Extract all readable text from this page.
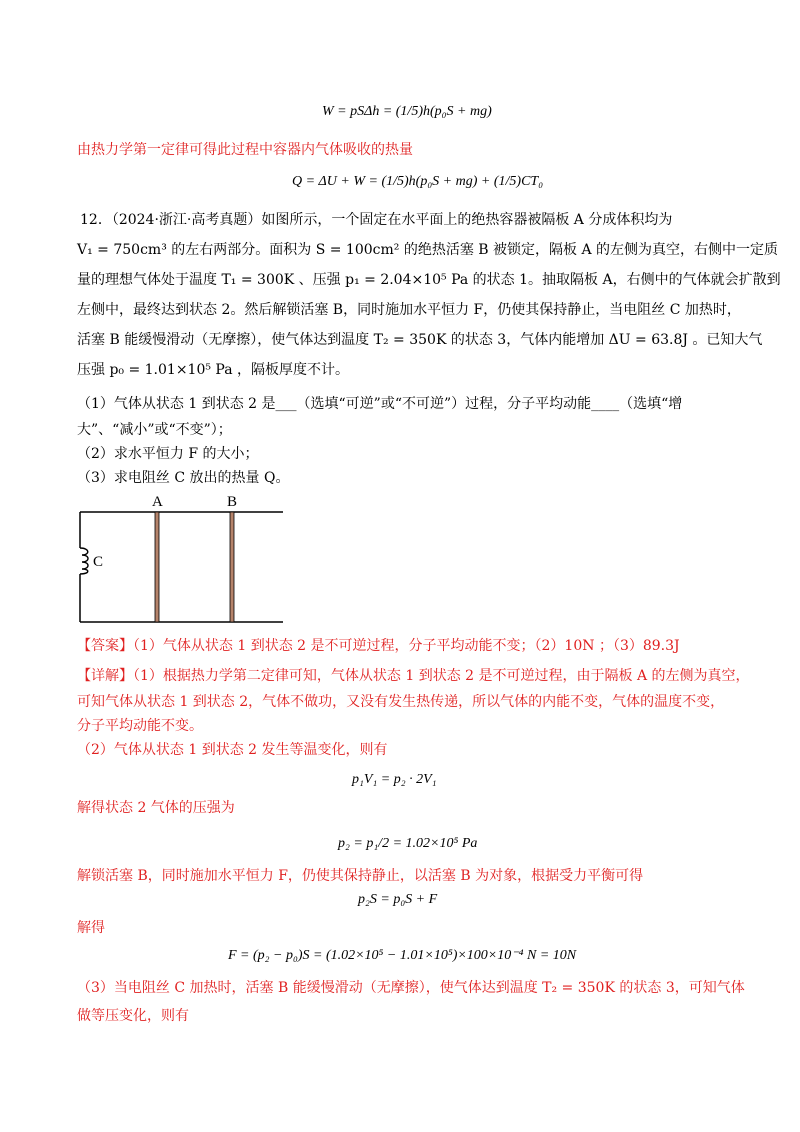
W = pSΔh = (1/5)h(p₀S + mg)
由热力学第一定律可得此过程中容器内气体吸收的热量
Q = ΔU + W = (1/5)h(p₀S + mg) + (1/5)CT₀
12．（2024·浙江·高考真题）如图所示，一个固定在水平面上的绝热容器被隔板 A 分成体积均为
V₁ = 750cm³ 的左右两部分。面积为 S = 100cm² 的绝热活塞 B 被锁定，隔板 A 的左侧为真空，右侧中一定质
量的理想气体处于温度 T₁ = 300K 、压强 p₁ = 2.04×10⁵ Pa 的状态 1。抽取隔板 A，右侧中的气体就会扩散到
左侧中，最终达到状态 2。然后解锁活塞 B，同时施加水平恒力 F，仍使其保持静止，当电阻丝 C 加热时，
活塞 B 能缓慢滑动（无摩擦），使气体达到温度 T₂ = 350K 的状态 3，气体内能增加 ΔU = 63.8J 。已知大气
压强 p₀ = 1.01×10⁵ Pa ，隔板厚度不计。
（1）气体从状态 1 到状态 2 是___（选填“可逆”或“不可逆”）过程，分子平均动能____（选填“增
大”、“减小”或“不变”）；
（2）求水平恒力 F 的大小；
（3）求电阻丝 C 放出的热量 Q。
C
A	B
【答案】（1）气体从状态 1 到状态 2 是不可逆过程，分子平均动能不变；（2）10N ；（3）89.3J
【详解】（1）根据热力学第二定律可知，气体从状态 1 到状态 2 是不可逆过程，由于隔板 A 的左侧为真空，
可知气体从状态 1 到状态 2，气体不做功，又没有发生热传递，所以气体的内能不变，气体的温度不变，
分子平均动能不变。
（2）气体从状态 1 到状态 2 发生等温变化，则有
p₁V₁ = p₂ · 2V₁
解得状态 2 气体的压强为
p₂ = p₁/2 = 1.02×10⁵ Pa
解锁活塞 B，同时施加水平恒力 F，仍使其保持静止，以活塞 B 为对象，根据受力平衡可得
p₂S = p₀S + F
解得
F = (p₂ − p₀)S = (1.02×10⁵ − 1.01×10⁵)×100×10⁻⁴ N = 10N
（3）当电阻丝 C 加热时，活塞 B 能缓慢滑动（无摩擦），使气体达到温度 T₂ = 350K 的状态 3，可知气体
做等压变化，则有
